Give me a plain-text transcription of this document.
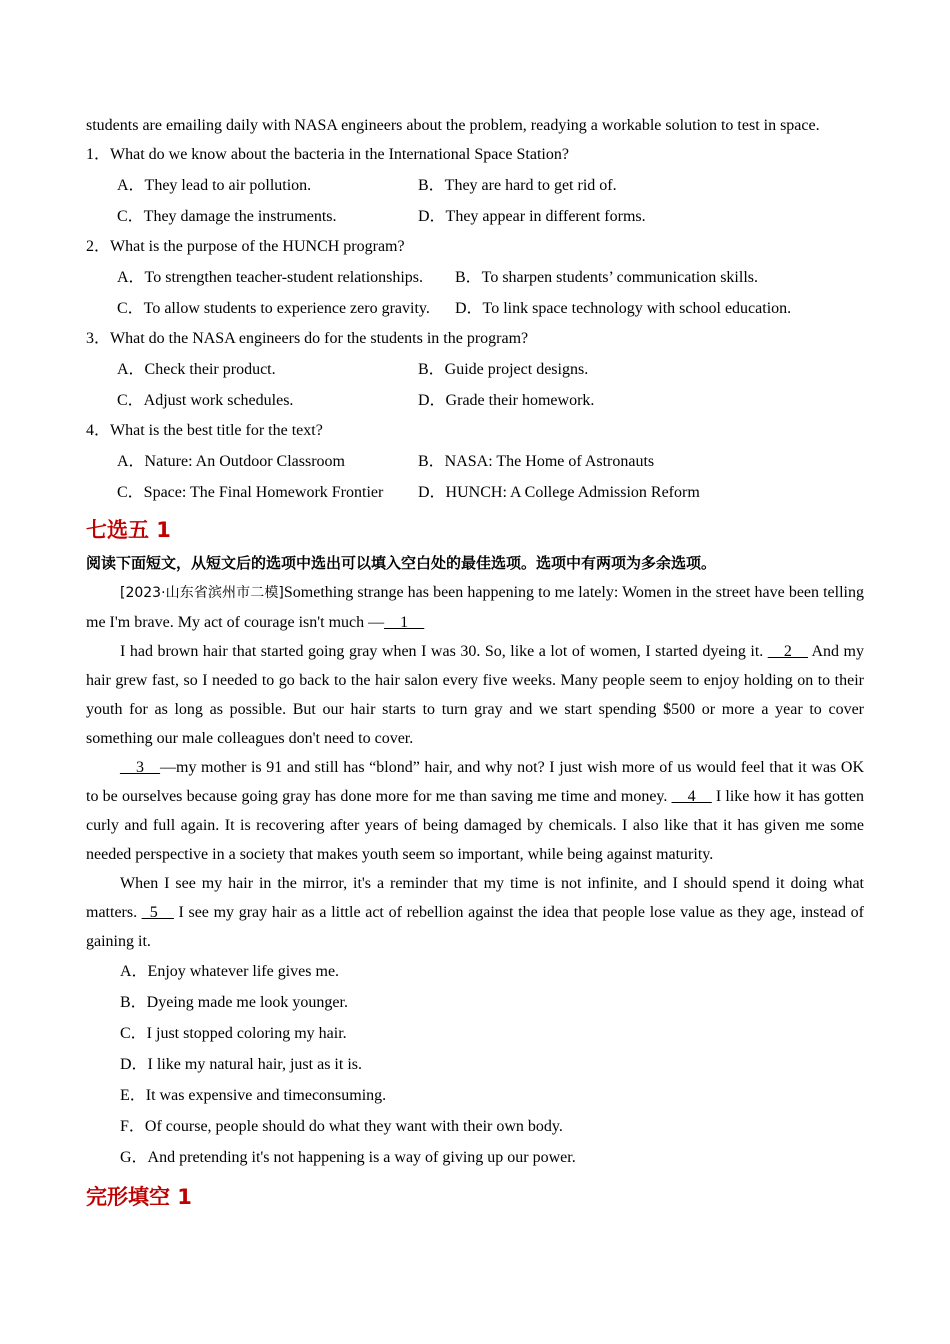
students are emailing daily with NASA engineers about the problem, readying a workable solution to test in space.
1．What do we know about the bacteria in the International Space Station?
A．They lead to air pollution.	B．They are hard to get rid of.
C．They damage the instruments.	D．They appear in different forms.
2．What is the purpose of the HUNCH program?
A．To strengthen teacher-student relationships. B．To sharpen students’ communication skills.
C．To allow students to experience zero gravity. D．To link space technology with school education.
3．What do the NASA engineers do for the students in the program?
A．Check their product.	B．Guide project designs.
C．Adjust work schedules.	D．Grade their homework.
4．What is the best title for the text?
A．Nature: An Outdoor Classroom	B．NASA: The Home of Astronauts
C．Space: The Final Homework Frontier D．HUNCH: A College Admission Reform
七选五 1
阅读下面短文，从短文后的选项中选出可以填入空白处的最佳选项。选项中有两项为多余选项。

[2023·山东省滨州市二模]Something strange has been happening to me lately: Women in the street have been telling me I'm brave. My act of courage isn't much —__1__

I had brown hair that started going gray when I was 30. So, like a lot of women, I started dyeing it. __2__ And my hair grew fast, so I needed to go back to the hair salon every five weeks. Many people seem to enjoy holding on to their youth for as long as possible. But our hair starts to turn gray and we start spending $500 or more a year to cover something our male colleagues don't need to cover.

__3__—my mother is 91 and still has “blond” hair, and why not? I just wish more of us would feel that it was OK to be ourselves because going gray has done more for me than saving me time and money. __4__ I like how it has gotten curly and full again. It is recovering after years of being damaged by chemicals. I also like that it has given me some needed perspective in a society that makes youth seem so important, while being against maturity.

When I see my hair in the mirror, it's a reminder that my time is not infinite, and I should spend it doing what matters. _5__ I see my gray hair as a little act of rebellion against the idea that people lose value as they age, instead of gaining it.

A．Enjoy whatever life gives me.
B．Dyeing made me look younger.
C．I just stopped coloring my hair.
D．I like my natural hair, just as it is.
E．It was expensive and timeconsuming.
F．Of course, people should do what they want with their own body.
G．And pretending it's not happening is a way of giving up our power.
完形填空 1
